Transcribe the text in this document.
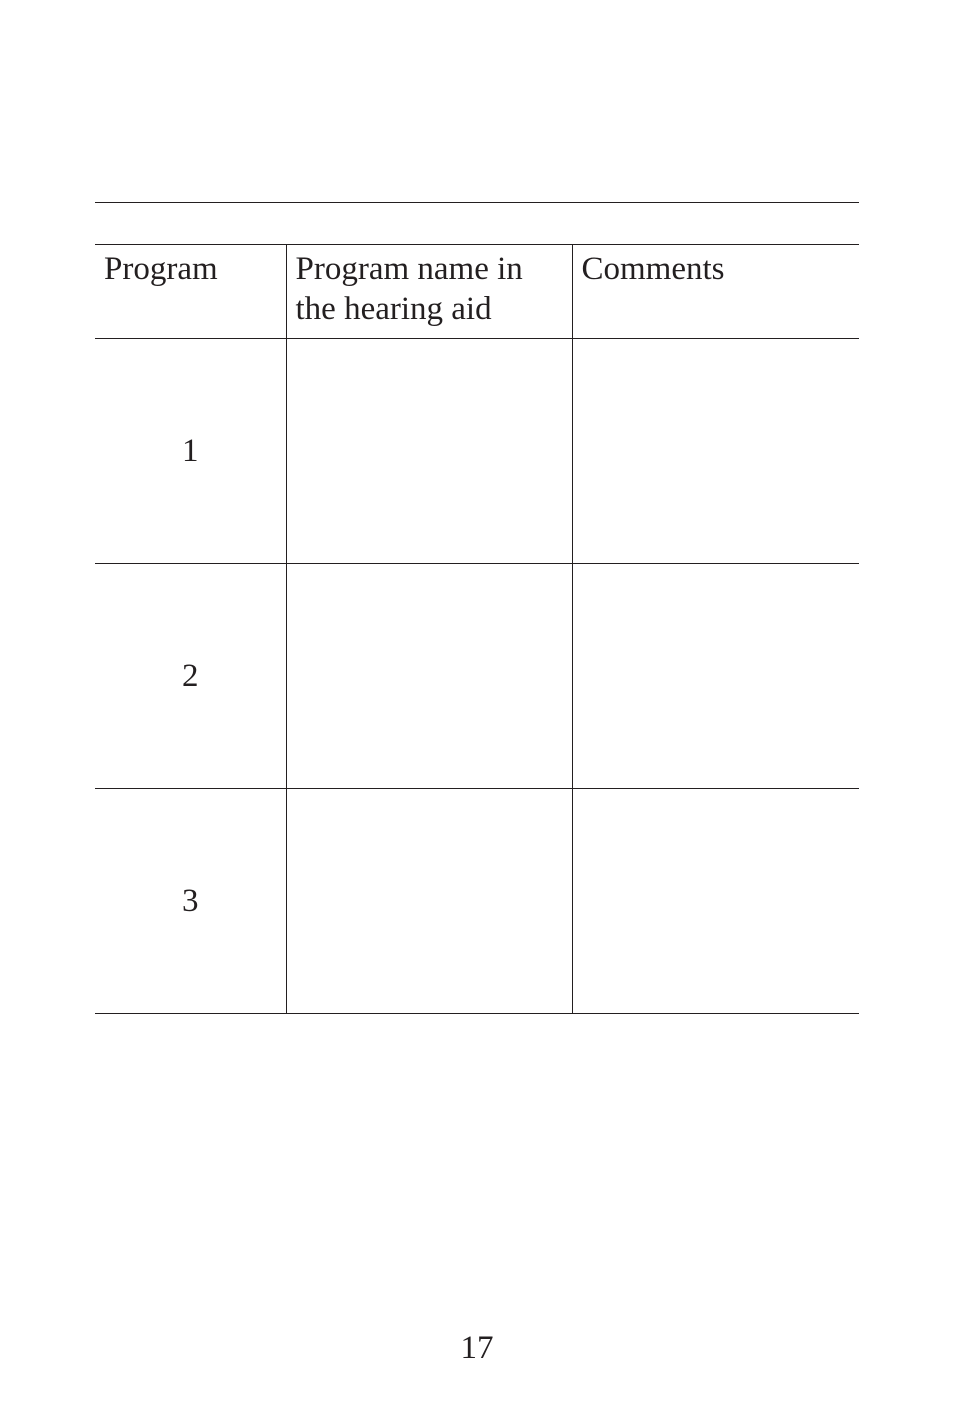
Program	Program name in the hearing aid	Comments
1		
2		
3		
17
